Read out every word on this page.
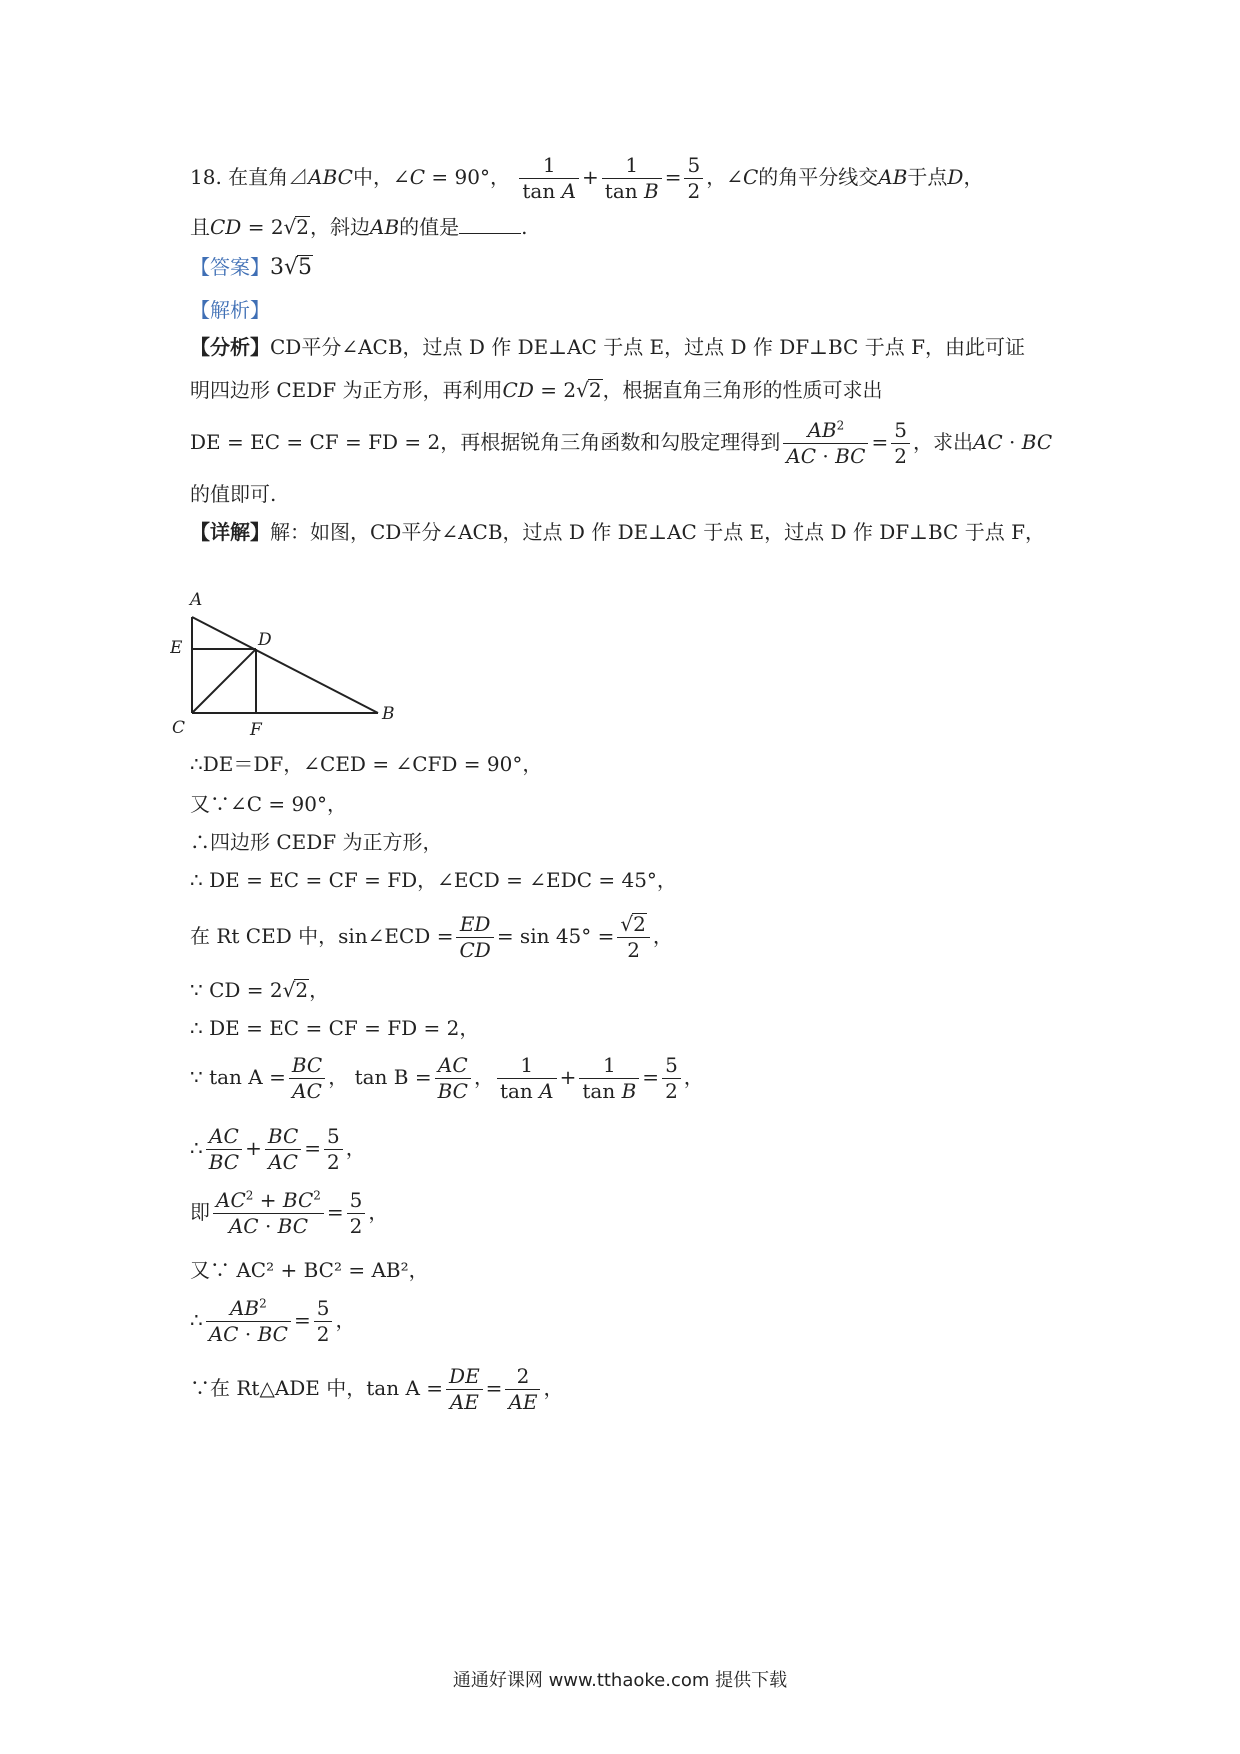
18. 在直角⊿ABC中，∠C = 90°， $\frac{1}{\text{tan A}} + \frac{1}{\text{tan B}} = \frac{5}{2}$ ，∠C的角平分线交AB于点D，
且CD = 2√2，斜边AB的值是	.
【答案】3√5
【解析】
【分析】CD平分∠ACB，过点 D 作 DE⊥AC 于点 E，过点 D 作 DF⊥BC 于点 F，由此可证
明四边形 CEDF 为正方形，再利用CD = 2√2，根据直角三角形的性质可求出
DE = EC = CF = FD = 2，再根据锐角三角函数和勾股定理得到 $\frac{AB^2}{AC \cdot BC} = \frac{5}{2}$ ，求出AC · BC
的值即可.
【详解】解：如图，CD平分∠ACB，过点 D 作 DE⊥AC 于点 E，过点 D 作 DF⊥BC 于点 F，
A
E	D
C	F
B
∴DE＝DF，∠CED = ∠CFD = 90°，
又∵∠C = 90°，
∴四边形 CEDF 为正方形，
∴ DE = EC = CF = FD，∠ECD = ∠EDC = 45°，
在 Rt CED 中，sin∠ECD = $\frac{ED}{CD} = \sin 45^\circ = \frac{√2}{2}$ ，
∵ CD = 2√2，
∴ DE = EC = CF = FD = 2，
∵ $\tan A = \frac{BC}{AC}$ ， $\tan B = \frac{AC}{BC}$ ， $\frac{1}{\text{tan A}} + \frac{1}{\text{tan B}} = \frac{5}{2}$ ，
∴ $\frac{AC}{BC} + \frac{BC}{AC} = \frac{5}{2}$ ，
即 $\frac{AC^2 + BC^2}{AC \cdot BC} = \frac{5}{2}$ ，
又∵ AC² + BC² = AB²，
∴ $\frac{AB^2}{AC \cdot BC} = \frac{5}{2}$ ，
∵在 Rt△ADE 中，$\tan A = \frac{DE}{AE} = \frac{2}{AE}$ ，
通通好课网 www.tthaoke.com 提供下载
